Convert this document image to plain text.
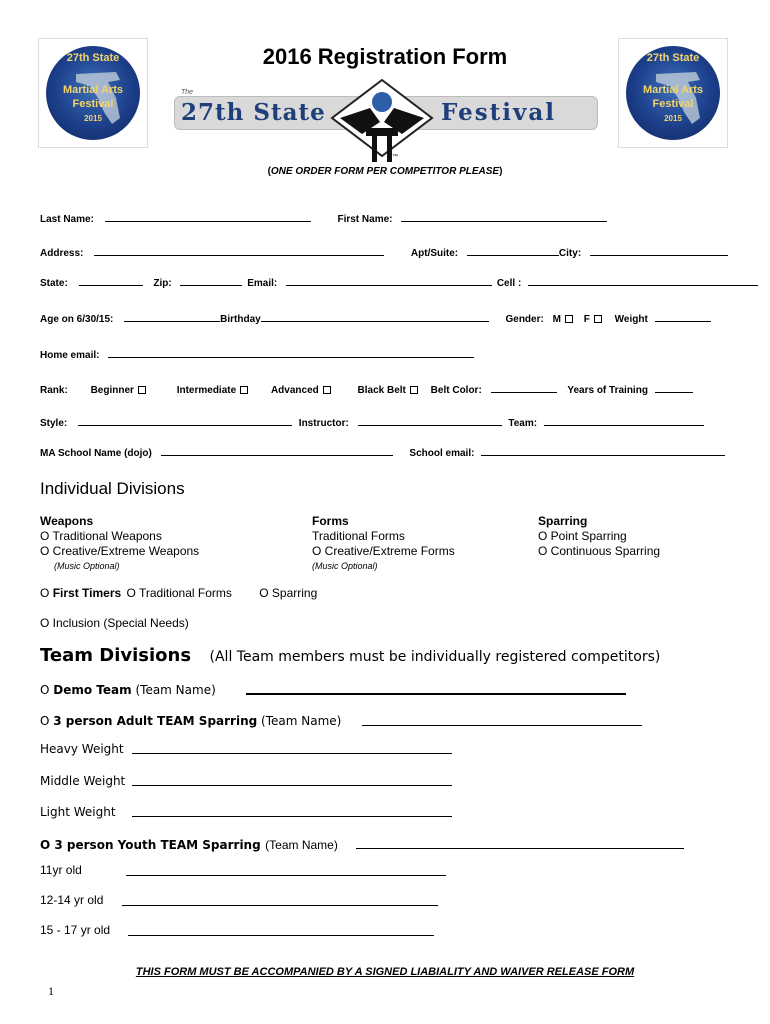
27th State
Martial Arts
Festival
2015
27th State
Martial Arts
Festival
2015
2016 Registration Form
The
27th State	Festival
™
(ONE ORDER FORM PER COMPETITOR PLEASE)
Last Name:	First Name:
Address:	Apt/Suite:	City:
State:	Zip:	Email:	Cell :
Age on 6/30/15:	Birthday	Gender: M F Weight
Home email:
Rank: Beginner	Intermediate	Advanced	Black Belt Belt Color:	Years of Training
Style:	Instructor:	Team:
MA School Name (dojo)	School email:
Individual Divisions
Weapons
O Traditional Weapons
O Creative/Extreme Weapons
(Music Optional)
Forms
Traditional Forms
O Creative/Extreme Forms
(Music Optional)
Sparring
O Point Sparring
O Continuous Sparring
O First Timers O Traditional Forms O Sparring
O Inclusion (Special Needs)
Team Divisions (All Team members must be individually registered competitors)
O Demo Team (Team Name)
O 3 person Adult TEAM Sparring (Team Name)
Heavy Weight
Middle Weight
Light Weight
O 3 person Youth TEAM Sparring (Team Name)
11yr old
12-14 yr old
15 - 17 yr old
THIS FORM MUST BE ACCOMPANIED BY A SIGNED LIABIALITY AND WAIVER RELEASE FORM
1
